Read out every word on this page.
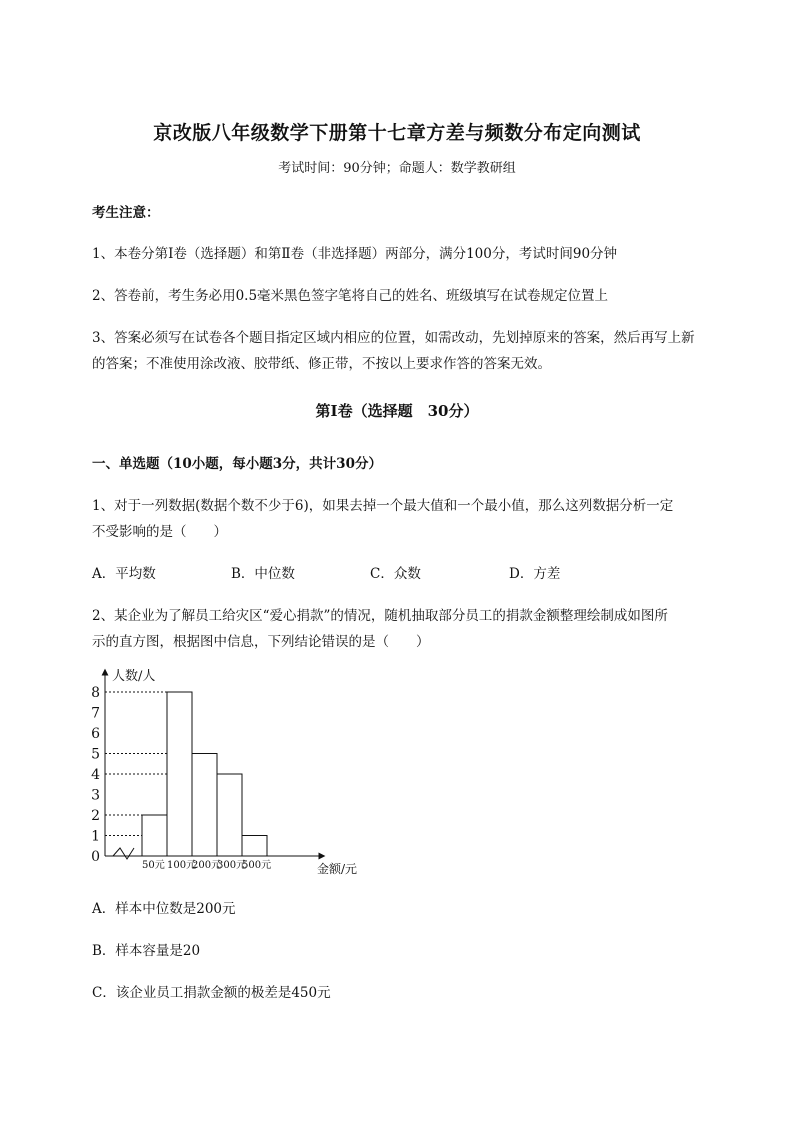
京改版八年级数学下册第十七章方差与频数分布定向测试
考试时间：90分钟；命题人：数学教研组
考生注意：
1、本卷分第I卷（选择题）和第Ⅱ卷（非选择题）两部分，满分100分，考试时间90分钟
2、答卷前，考生务必用0.5毫米黑色签字笔将自己的姓名、班级填写在试卷规定位置上
3、答案必须写在试卷各个题目指定区域内相应的位置，如需改动，先划掉原来的答案，然后再写上新
的答案；不准使用涂改液、胶带纸、修正带，不按以上要求作答的答案无效。
第I卷（选择题　30分）
一、单选题（10小题，每小题3分，共计30分）
1、对于一列数据(数据个数不少于6)，如果去掉一个最大值和一个最小值，那么这列数据分析一定
不受影响的是（　　）
A．平均数	B．中位数	C．众数	D．方差
2、某企业为了解员工给灾区“爱心捐款”的情况，随机抽取部分员工的捐款金额整理绘制成如图所
示的直方图，根据图中信息，下列结论错误的是（　　）
人数/人
金额/元
0
1
2
3
4
5
6
7
8
50元 100元
200元
300元
500元
A．样本中位数是200元
B．样本容量是20
C．该企业员工捐款金额的极差是450元
